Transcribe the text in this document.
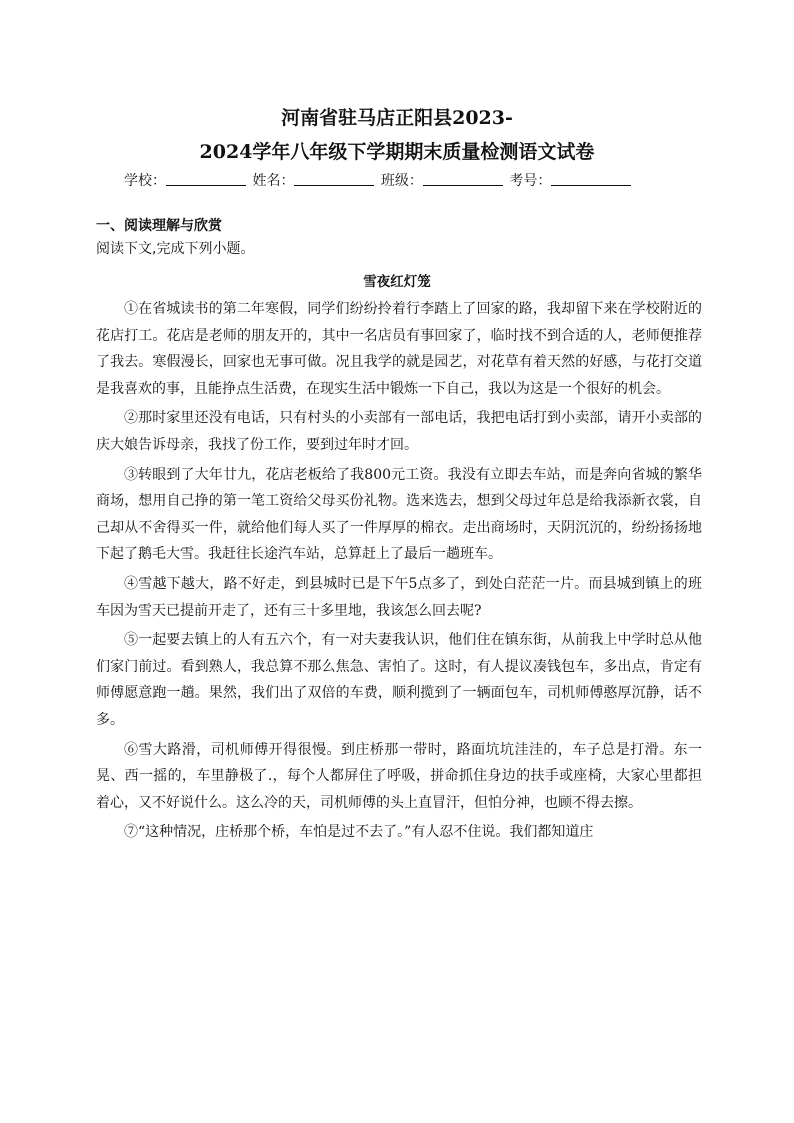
河南省驻马店正阳县2023-
2024学年八年级下学期期末质量检测语文试卷
学校：	姓名：	班级：	考号：
一、阅读理解与欣赏
阅读下文,完成下列小题。
雪夜红灯笼

①在省城读书的第二年寒假，同学们纷纷拎着行李踏上了回家的路，我却留下来在学校附近的花店打工。花店是老师的朋友开的，其中一名店员有事回家了，临时找不到合适的人，老师便推荐了我去。寒假漫长，回家也无事可做。况且我学的就是园艺，对花草有着天然的好感，与花打交道是我喜欢的事，且能挣点生活费，在现实生活中锻炼一下自己，我以为这是一个很好的机会。

②那时家里还没有电话，只有村头的小卖部有一部电话，我把电话打到小卖部，请开小卖部的庆大娘告诉母亲，我找了份工作，要到过年时才回。

③转眼到了大年廿九，花店老板给了我800元工资。我没有立即去车站，而是奔向省城的繁华商场，想用自己挣的第一笔工资给父母买份礼物。选来选去，想到父母过年总是给我添新衣裳，自己却从不舍得买一件，就给他们每人买了一件厚厚的棉衣。走出商场时，天阴沉沉的，纷纷扬扬地下起了鹅毛大雪。我赶往长途汽车站，总算赶上了最后一趟班车。

④雪越下越大，路不好走，到县城时已是下午5点多了，到处白茫茫一片。而县城到镇上的班车因为雪天已提前开走了，还有三十多里地，我该怎么回去呢?

⑤一起要去镇上的人有五六个，有一对夫妻我认识，他们住在镇东街，从前我上中学时总从他们家门前过。看到熟人，我总算不那么焦急、害怕了。这时，有人提议凑钱包车，多出点，肯定有师傅愿意跑一趟。果然，我们出了双倍的车费，顺利揽到了一辆面包车，司机师傅憨厚沉静，话不多。

⑥雪大路滑，司机师傅开得很慢。到庄桥那一带时，路面坑坑洼洼的，车子总是打滑。东一晃、西一摇的，车里静极了.，每个人都屏住了呼吸，拼命抓住身边的扶手或座椅，大家心里都担着心，又不好说什么。这么冷的天，司机师傅的头上直冒汗，但怕分神，也顾不得去擦。

⑦“这种情况，庄桥那个桥，车怕是过不去了。”有人忍不住说。我们都知道庄
